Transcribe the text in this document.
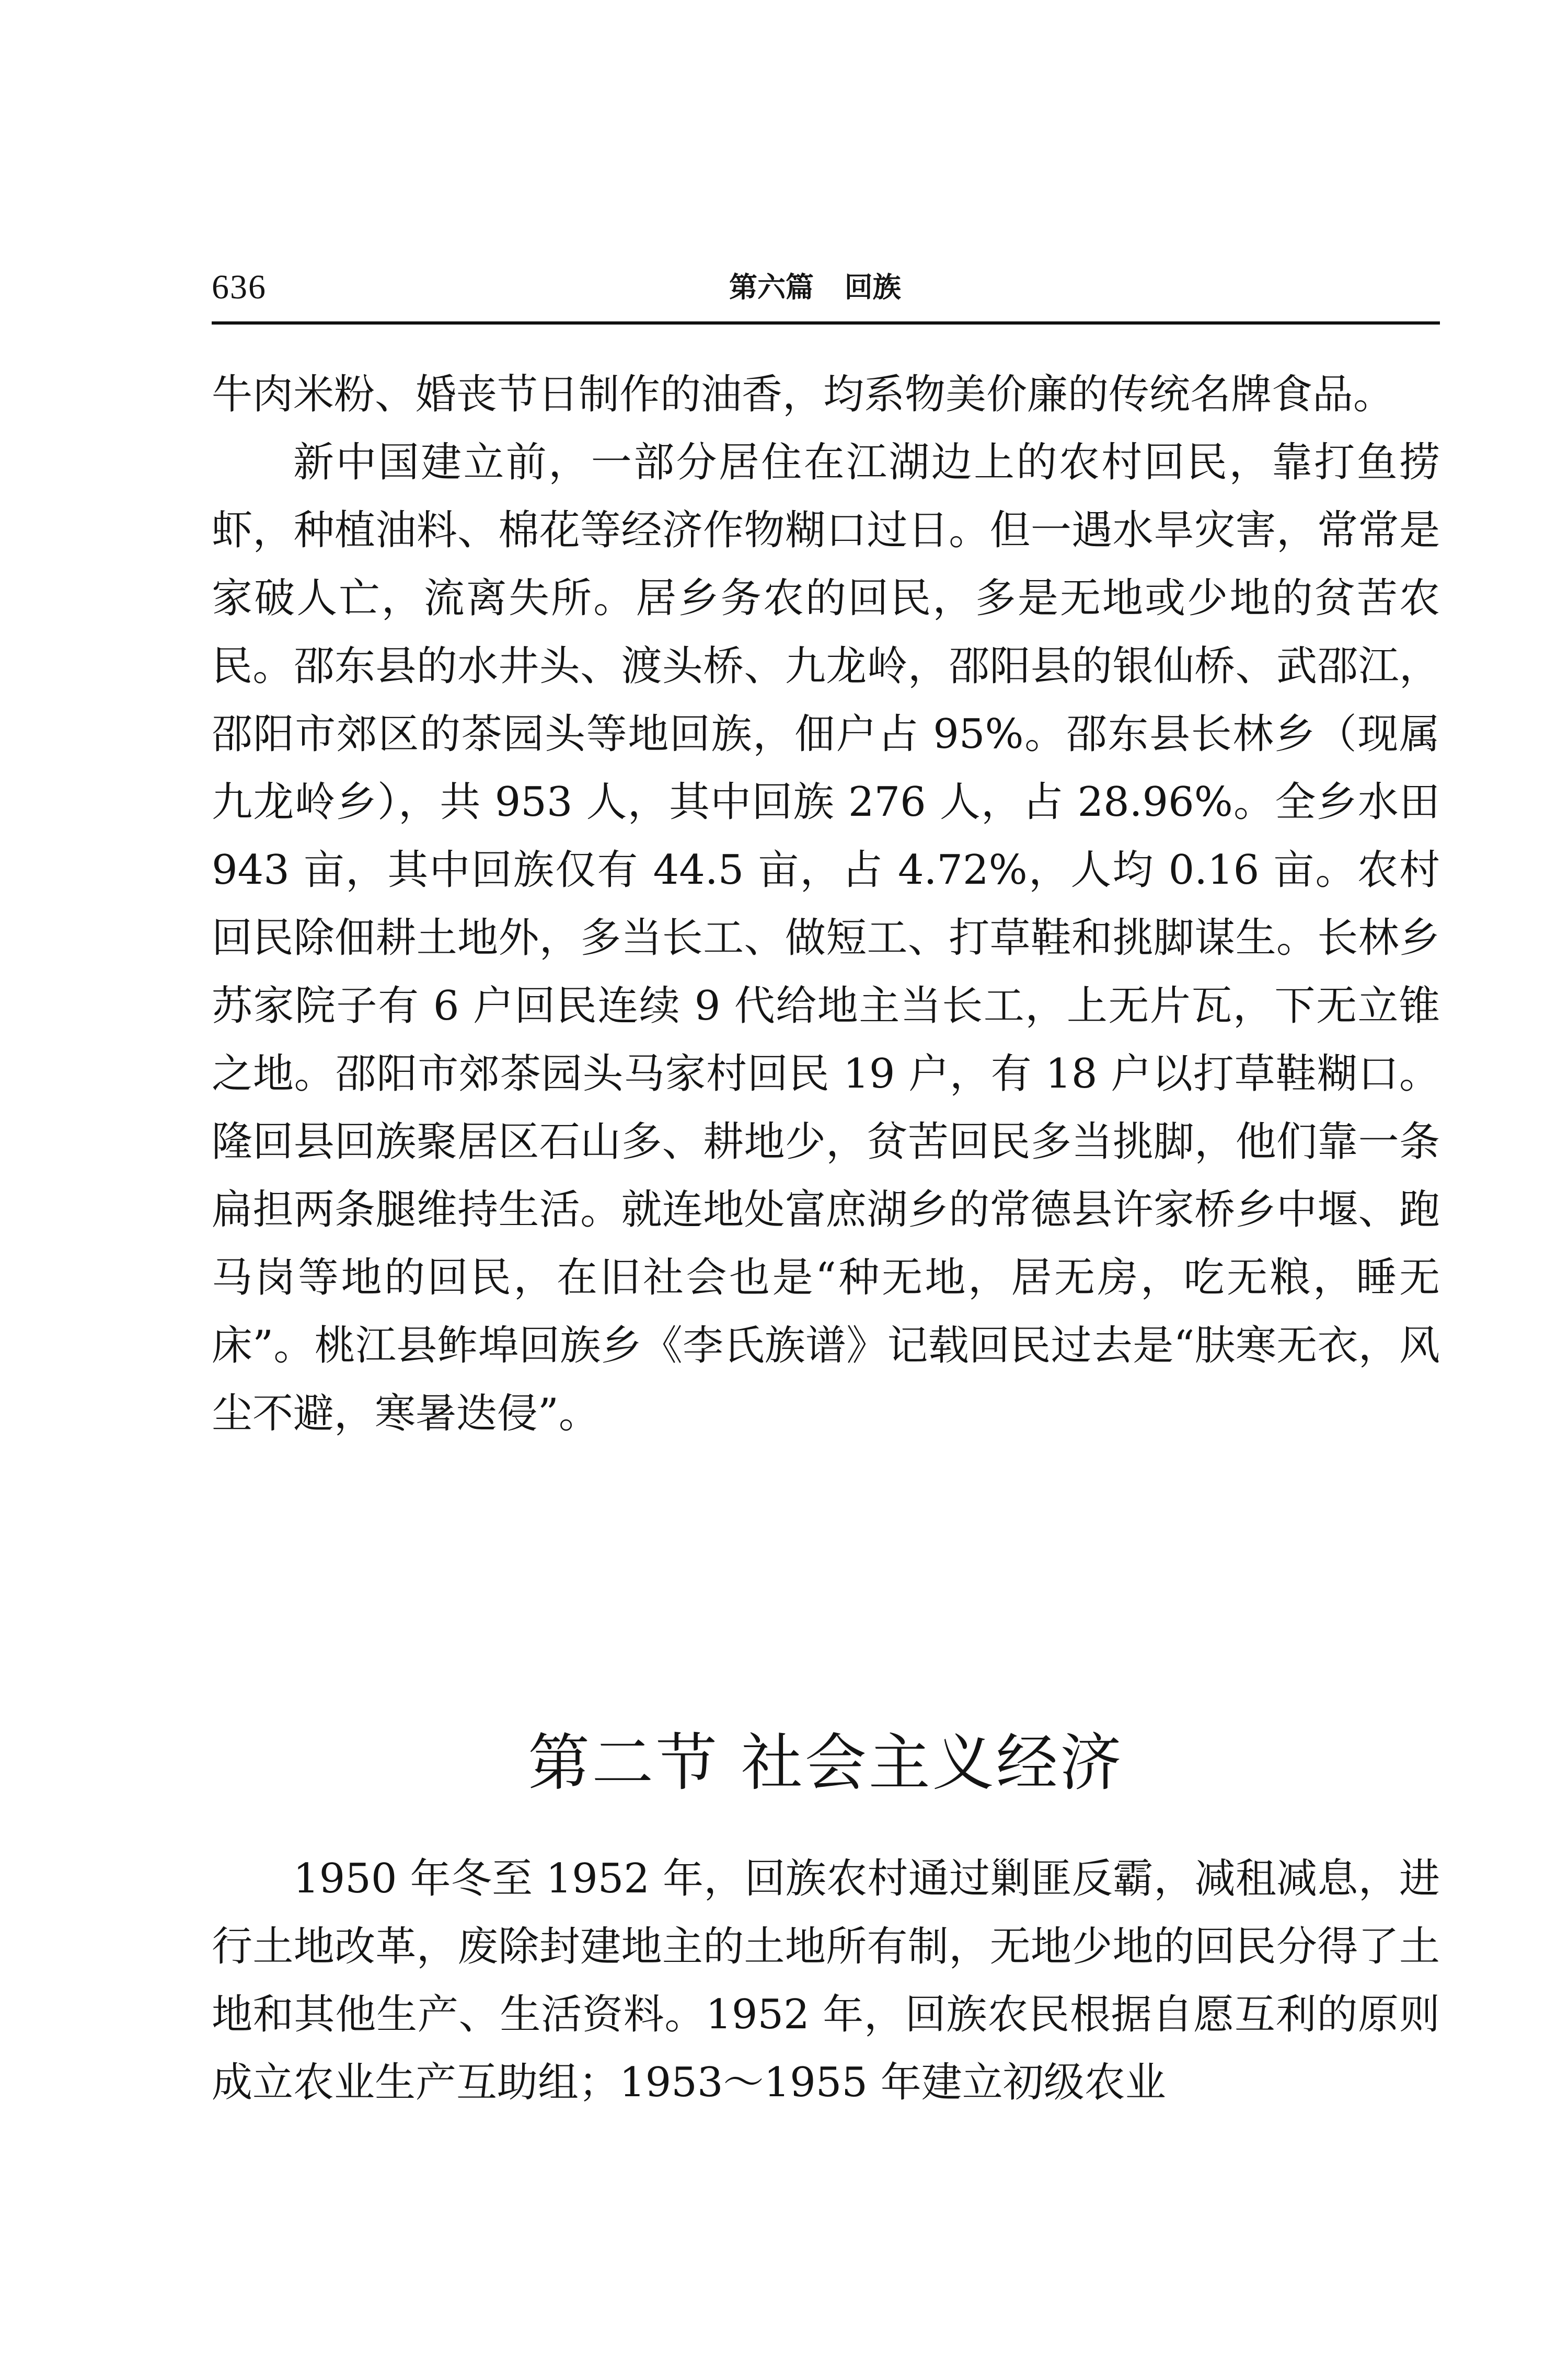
636	第六篇 回族

牛肉米粉、婚丧节日制作的油香，均系物美价廉的传统名牌食品。

新中国建立前，一部分居住在江湖边上的农村回民，靠打鱼捞虾，种植油料、棉花等经济作物糊口过日。但一遇水旱灾害，常常是家破人亡，流离失所。居乡务农的回民，多是无地或少地的贫苦农民。邵东县的水井头、渡头桥、九龙岭，邵阳县的银仙桥、武邵江，邵阳市郊区的茶园头等地回族，佃户占 95%。邵东县长林乡（现属九龙岭乡），共 953 人，其中回族 276 人，占 28.96%。全乡水田 943 亩，其中回族仅有 44.5 亩，占 4.72%，人均 0.16 亩。农村回民除佃耕土地外，多当长工、做短工、打草鞋和挑脚谋生。长林乡苏家院子有 6 户回民连续 9 代给地主当长工，上无片瓦，下无立锥之地。邵阳市郊茶园头马家村回民 19 户，有 18 户以打草鞋糊口。隆回县回族聚居区石山多、耕地少，贫苦回民多当挑脚，他们靠一条扁担两条腿维持生活。就连地处富庶湖乡的常德县许家桥乡中堰、跑马岗等地的回民，在旧社会也是“种无地，居无房，吃无粮，睡无床”。桃江县鲊埠回族乡《李氏族谱》记载回民过去是“肤寒无衣，风尘不避，寒暑迭侵”。

第二节 社会主义经济

1950 年冬至 1952 年，回族农村通过剿匪反霸，减租减息，进行土地改革，废除封建地主的土地所有制，无地少地的回民分得了土地和其他生产、生活资料。1952 年，回族农民根据自愿互利的原则成立农业生产互助组；1953～1955 年建立初级农业
